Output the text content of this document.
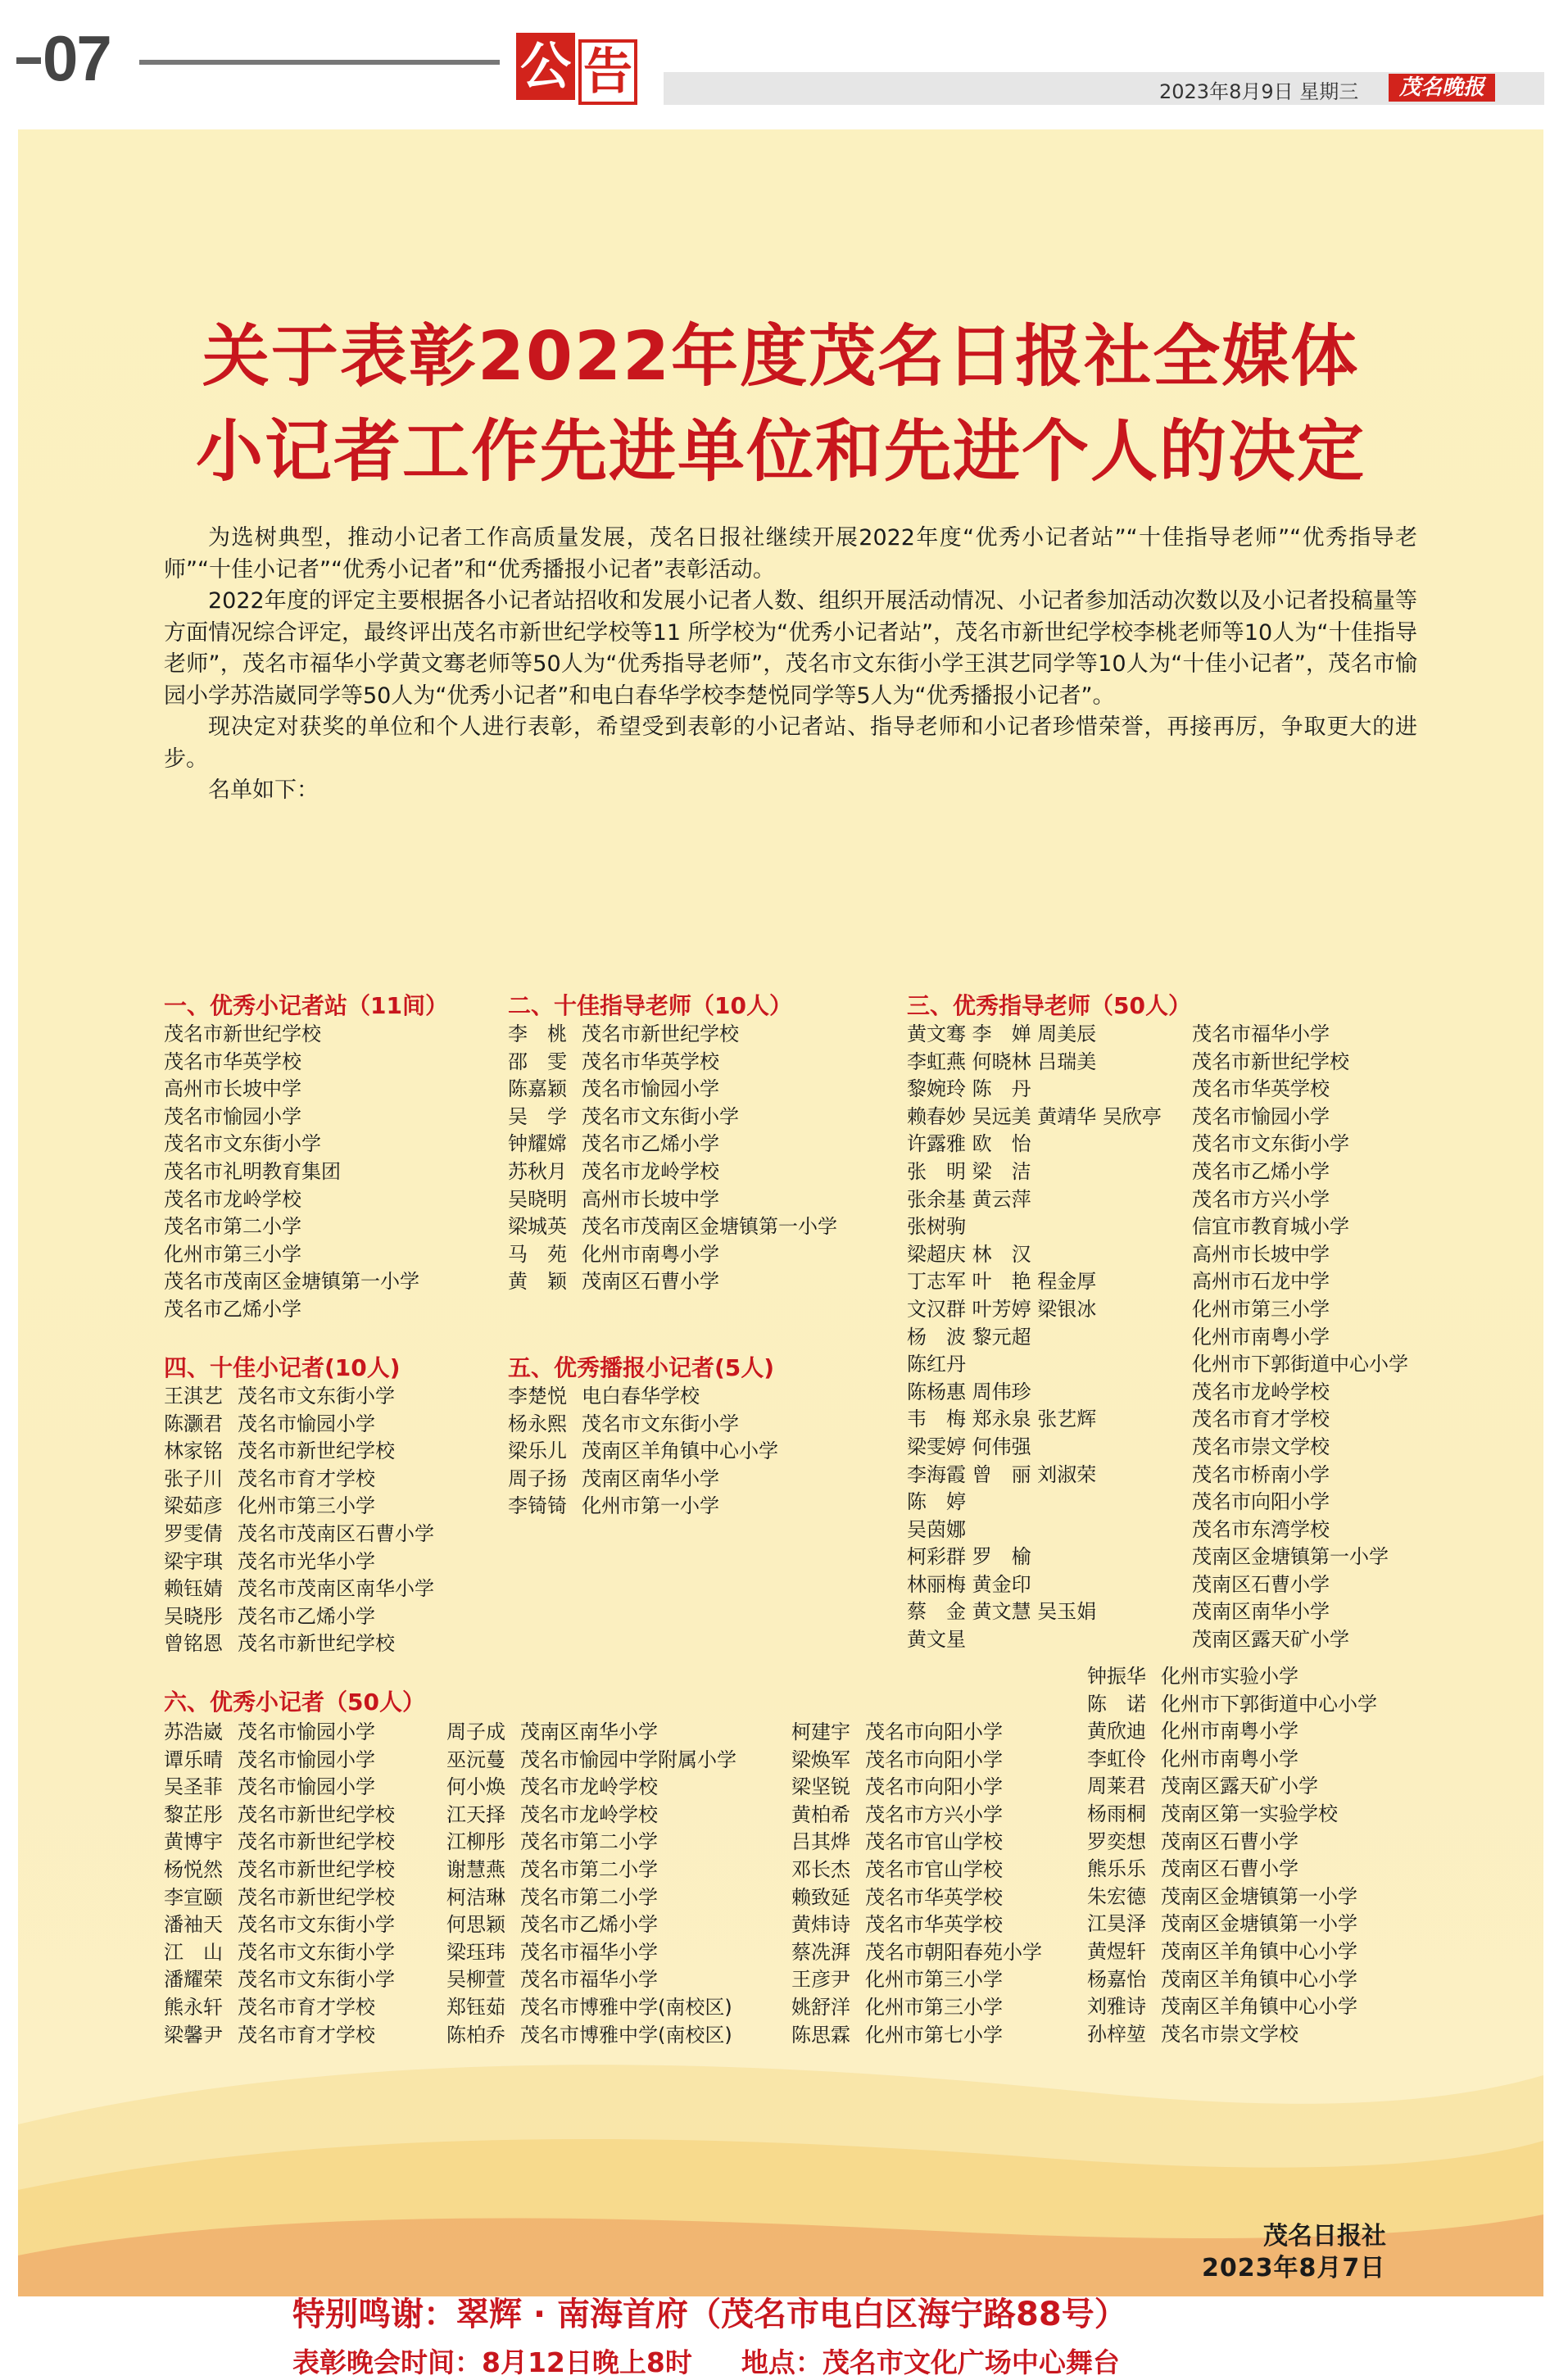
07	公 告	2023年8月9日 星期三	茂名晚报
关于表彰2022年度茂名日报社全媒体
小记者工作先进单位和先进个人的决定

为选树典型，推动小记者工作高质量发展，茂名日报社继续开展2022年度“优秀小记者站”“十佳指导老师”“优秀指导老师”“十佳小记者”“优秀小记者”和“优秀播报小记者”表彰活动。

2022年度的评定主要根据各小记者站招收和发展小记者人数、组织开展活动情况、小记者参加活动次数以及小记者投稿量等方面情况综合评定，最终评出茂名市新世纪学校等11 所学校为“优秀小记者站”，茂名市新世纪学校李桃老师等10人为“十佳指导老师”，茂名市福华小学黄文骞老师等50人为“优秀指导老师”，茂名市文东街小学王淇艺同学等10人为“十佳小记者”，茂名市愉园小学苏浩崴同学等50人为“优秀小记者”和电白春华学校李楚悦同学等5人为“优秀播报小记者”。

现决定对获奖的单位和个人进行表彰，希望受到表彰的小记者站、指导老师和小记者珍惜荣誉，再接再厉，争取更大的进步。

名单如下：

一、优秀小记者站（11间）
茂名市新世纪学校
茂名市华英学校
高州市长坡中学
茂名市愉园小学
茂名市文东街小学
茂名市礼明教育集团
茂名市龙岭学校
茂名市第二小学
化州市第三小学
茂名市茂南区金塘镇第一小学
茂名市乙烯小学
二、十佳指导老师（10人）
李　桃 茂名市新世纪学校
邵　雯 茂名市华英学校
陈嘉颖 茂名市愉园小学
吴　学 茂名市文东街小学
钟耀嫦 茂名市乙烯小学
苏秋月 茂名市龙岭学校
吴晓明 高州市长坡中学
梁城英 茂名市茂南区金塘镇第一小学
马　苑 化州市南粤小学
黄　颖 茂南区石曹小学
三、优秀指导老师（50人）
黄文骞 李　婵 周美辰	茂名市福华小学
李虹燕 何晓林 吕瑞美	茂名市新世纪学校
黎婉玲 陈　丹	茂名市华英学校
赖春妙 吴远美 黄靖华 吴欣亭 茂名市愉园小学
许露雅 欧　怡	茂名市文东街小学
张　明 梁　洁	茂名市乙烯小学
张余基 黄云萍	茂名市方兴小学
张树驹	信宜市教育城小学
梁超庆 林　汉	高州市长坡中学
丁志军 叶　艳 程金厚	高州市石龙中学
文汉群 叶芳婷 梁银冰	化州市第三小学
杨　波 黎元超	化州市南粤小学
陈红丹	化州市下郭街道中心小学
陈杨惠 周伟珍	茂名市龙岭学校
韦　梅 郑永泉 张艺辉	茂名市育才学校
梁雯婷 何伟强	茂名市崇文学校
李海霞 曾　丽 刘淑荣	茂名市桥南小学
陈　婷	茂名市向阳小学
吴茵娜	茂名市东湾学校
柯彩群 罗　榆	茂南区金塘镇第一小学
林丽梅 黄金印	茂南区石曹小学
蔡　金 黄文慧 吴玉娟	茂南区南华小学
黄文星	茂南区露天矿小学
四、十佳小记者(10人)
王淇艺 茂名市文东街小学
陈灏君 茂名市愉园小学
林家铭 茂名市新世纪学校
张子川 茂名市育才学校
梁茹彦 化州市第三小学
罗雯倩 茂名市茂南区石曹小学
梁宇琪 茂名市光华小学
赖钰婧 茂名市茂南区南华小学
吴晓彤 茂名市乙烯小学
曾铭恩 茂名市新世纪学校
五、优秀播报小记者(5人)
李楚悦 电白春华学校
杨永熙 茂名市文东街小学
梁乐儿 茂南区羊角镇中心小学
周子扬 茂南区南华小学
李锜锜 化州市第一小学
六、优秀小记者（50人）
苏浩崴 茂名市愉园小学
谭乐晴 茂名市愉园小学
吴圣菲 茂名市愉园小学
黎芷彤 茂名市新世纪学校
黄博宇 茂名市新世纪学校
杨悦然 茂名市新世纪学校
李宣颐 茂名市新世纪学校
潘袖天 茂名市文东街小学
江　山 茂名市文东街小学
潘耀荣 茂名市文东街小学
熊永轩 茂名市育才学校
梁馨尹 茂名市育才学校
周子成 茂南区南华小学
巫沅蔓 茂名市愉园中学附属小学
何小焕 茂名市龙岭学校
江天择 茂名市龙岭学校
江柳彤 茂名市第二小学
谢慧燕 茂名市第二小学
柯洁琳 茂名市第二小学
何思颖 茂名市乙烯小学
梁珏玮 茂名市福华小学
吴柳萱 茂名市福华小学
郑钰茹 茂名市博雅中学(南校区)
陈柏乔 茂名市博雅中学(南校区)
柯建宇 茂名市向阳小学
梁焕军 茂名市向阳小学
梁坚锐 茂名市向阳小学
黄柏希 茂名市方兴小学
吕其烨 茂名市官山学校
邓长杰 茂名市官山学校
赖致延 茂名市华英学校
黄炜诗 茂名市华英学校
蔡冼湃 茂名市朝阳春苑小学
王彦尹 化州市第三小学
姚舒洋 化州市第三小学
陈思霖 化州市第七小学
钟振华 化州市实验小学
陈　诺 化州市下郭街道中心小学
黄欣迪 化州市南粤小学
李虹伶 化州市南粤小学
周莱君 茂南区露天矿小学
杨雨桐 茂南区第一实验学校
罗奕想 茂南区石曹小学
熊乐乐 茂南区石曹小学
朱宏德 茂南区金塘镇第一小学
江昊泽 茂南区金塘镇第一小学
黄煜轩 茂南区羊角镇中心小学
杨嘉怡 茂南区羊角镇中心小学
刘雅诗 茂南区羊角镇中心小学
孙梓堃 茂名市崇文学校
茂名日报社
2023年8月7日
特别鸣谢：翠辉 · 南海首府（茂名市电白区海宁路88号）
表彰晚会时间：8月12日晚上8时 地点：茂名市文化广场中心舞台
